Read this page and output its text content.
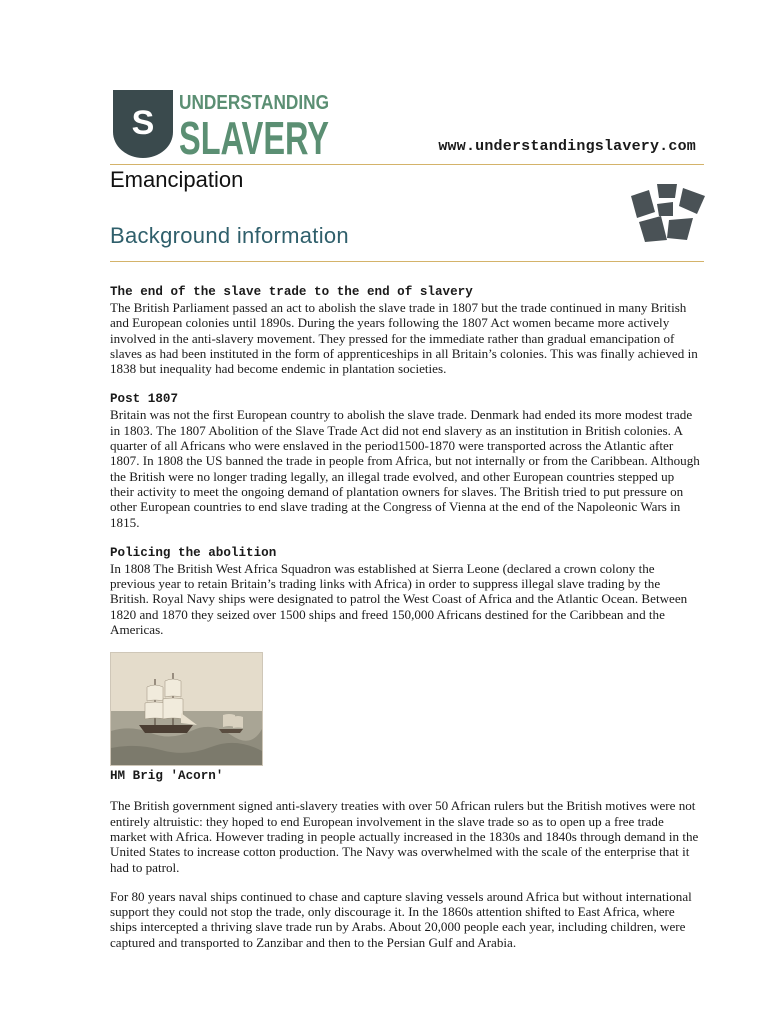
S
UNDERSTANDING
SLAVERY	www.understandingslavery.com
Emancipation
Background information

The end of the slave trade to the end of slavery

The British Parliament passed an act to abolish the slave trade in 1807 but the trade continued in many British and European colonies until 1890s. During the years following the 1807 Act women became more actively involved in the anti-slavery movement. They pressed for the immediate rather than gradual emancipation of slaves as had been instituted in the form of apprenticeships in all Britain’s colonies. This was finally achieved in 1838 but inequality had become endemic in plantation societies.

Post 1807

Britain was not the first European country to abolish the slave trade. Denmark had ended its more modest trade in 1803. The 1807 Abolition of the Slave Trade Act did not end slavery as an institution in British colonies. A quarter of all Africans who were enslaved in the period1500-1870 were transported across the Atlantic after 1807. In 1808 the US banned the trade in people from Africa, but not internally or from the Caribbean. Although the British were no longer trading legally, an illegal trade evolved, and other European countries stepped up their activity to meet the ongoing demand of plantation owners for slaves. The British tried to put pressure on other European countries to end slave trading at the Congress of Vienna at the end of the Napoleonic Wars in 1815.

Policing the abolition

In 1808 The British West Africa Squadron was established at Sierra Leone (declared a crown colony the previous year to retain Britain’s trading links with Africa) in order to suppress illegal slave trading by the British. Royal Navy ships were designated to patrol the West Coast of Africa and the Atlantic Ocean. Between 1820 and 1870 they seized over 1500 ships and freed 150,000 Africans destined for the Caribbean and the Americas.

HM Brig 'Acorn'

The British government signed anti-slavery treaties with over 50 African rulers but the British motives were not entirely altruistic: they hoped to end European involvement in the slave trade so as to open up a free trade market with Africa. However trading in people actually increased in the 1830s and 1840s through demand in the United States to increase cotton production. The Navy was overwhelmed with the scale of the enterprise that it had to patrol.

For 80 years naval ships continued to chase and capture slaving vessels around Africa but without international support they could not stop the trade, only discourage it. In the 1860s attention shifted to East Africa, where ships intercepted a thriving slave trade run by Arabs. About 20,000 people each year, including children, were captured and transported to Zanzibar and then to the Persian Gulf and Arabia.
